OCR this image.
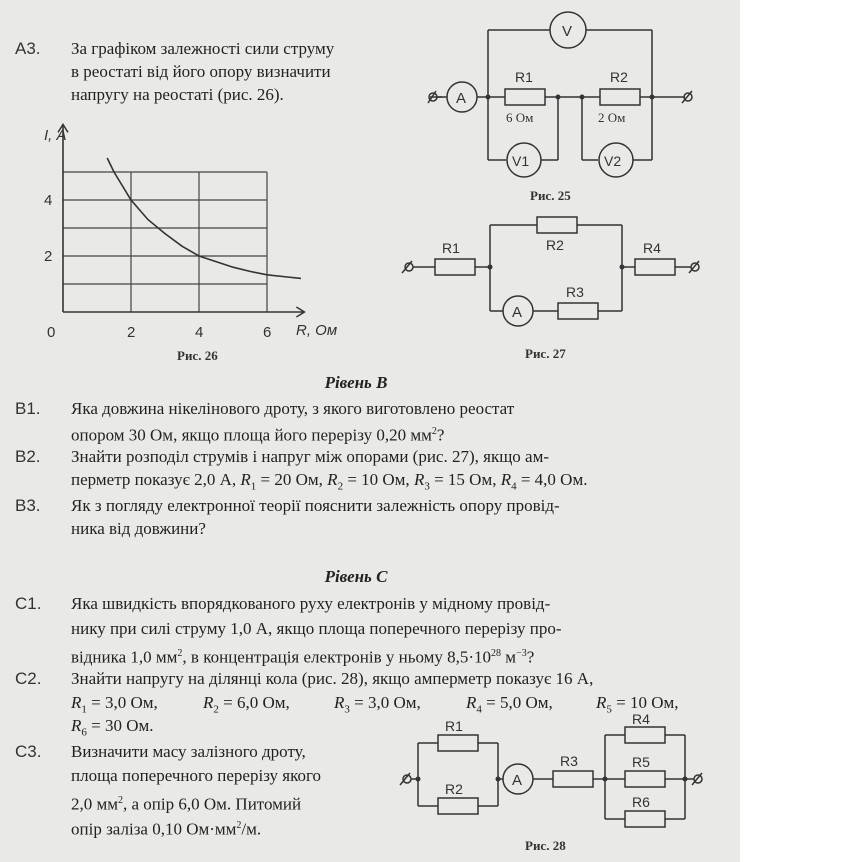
A3. За графіком залежності сили струму
в реостаті від його опору визначити
напругу на реостаті (рис. 26).
I, А
R, Ом
0	2	4	6
2
4
Рис. 26
V
A
R1	R2
6 Ом	2 Ом
V1	V2
Рис. 25
R1	R2
R3
R4
A
Рис. 27
Рівень B
B1. Яка довжина нікелінового дроту, з якого виготовлено реостат
опором 30 Ом, якщо площа його перерізу 0,20 $мм^2$?
B2. Знайти розподіл струмів і напруг між опорами (рис. 27), якщо ам-
перметр показує 2,0 А, $R_1 = 20$ Ом, $R_2 = 10$ Ом, $R_3 = 15$ Ом, $R_4 = 4,0$ Ом.
B3. Як з погляду електронної теорії пояснити залежність опору провід-
ника від довжини?
Рівень C
C1. Яка швидкість впорядкованого руху електронів у мідному провід-
нику при силі струму 1,0 А, якщо площа поперечного перерізу про-
відника 1,0 $мм^2$, в концентрація електронів у ньому $8,5\cdot 10^{28}$ $м^{-3}$?
C2. Знайти напругу на ділянці кола (рис. 28), якщо амперметр показує 16 А,
$R_1 = 3,0$ Ом,	$R_2 = 6,0$ Ом,	$R_3 = 3,0$ Ом,	$R_4 = 5,0$ Ом,	$R_5 = 10$ Ом,
$R_6 = 30$ Ом.
C3. Визначити масу залізного дроту,
площа поперечного перерізу якого
2,0 $мм^2$, а опір 6,0 Ом. Питомий
опір заліза 0,10 $Ом\cdot мм^2/м$.
R1
R2	A
R3
R4
R5
R6
Рис. 28
